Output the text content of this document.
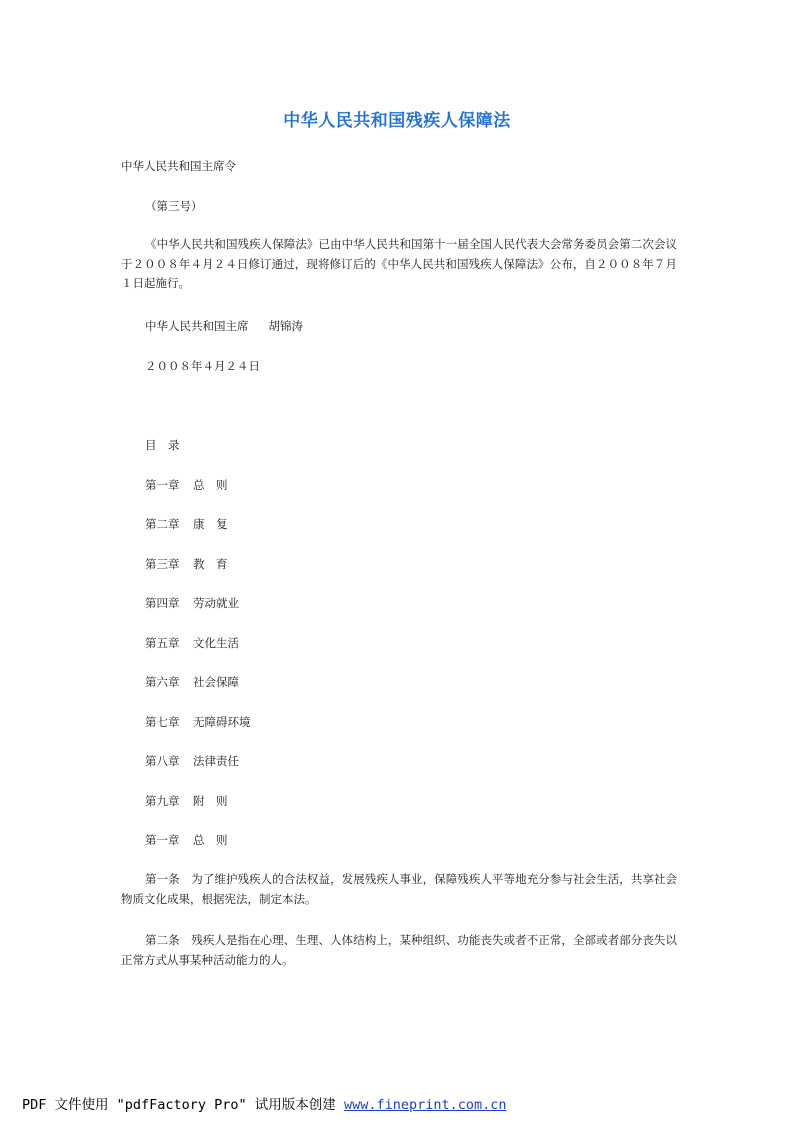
中华人民共和国残疾人保障法
中华人民共和国主席令
（第三号）
《中华人民共和国残疾人保障法》已由中华人民共和国第十一届全国人民代表大会常务委员会第二次会议于２００８年４月２４日修订通过，现将修订后的《中华人民共和国残疾人保障法》公布，自２００８年７月１日起施行。
中华人民共和国主席 胡锦涛
２００８年４月２４日
目　录
第一章 总　则
第二章 康　复
第三章 教　育
第四章 劳动就业
第五章 文化生活
第六章 社会保障
第七章 无障碍环境
第八章 法律责任
第九章 附　则
第一章 总　则
第一条　为了维护残疾人的合法权益，发展残疾人事业，保障残疾人平等地充分参与社会生活，共享社会物质文化成果，根据宪法，制定本法。
第二条　残疾人是指在心理、生理、人体结构上，某种组织、功能丧失或者不正常，全部或者部分丧失以正常方式从事某种活动能力的人。
PDF 文件使用 "pdfFactory Pro" 试用版本创建 www.fineprint.com.cn
